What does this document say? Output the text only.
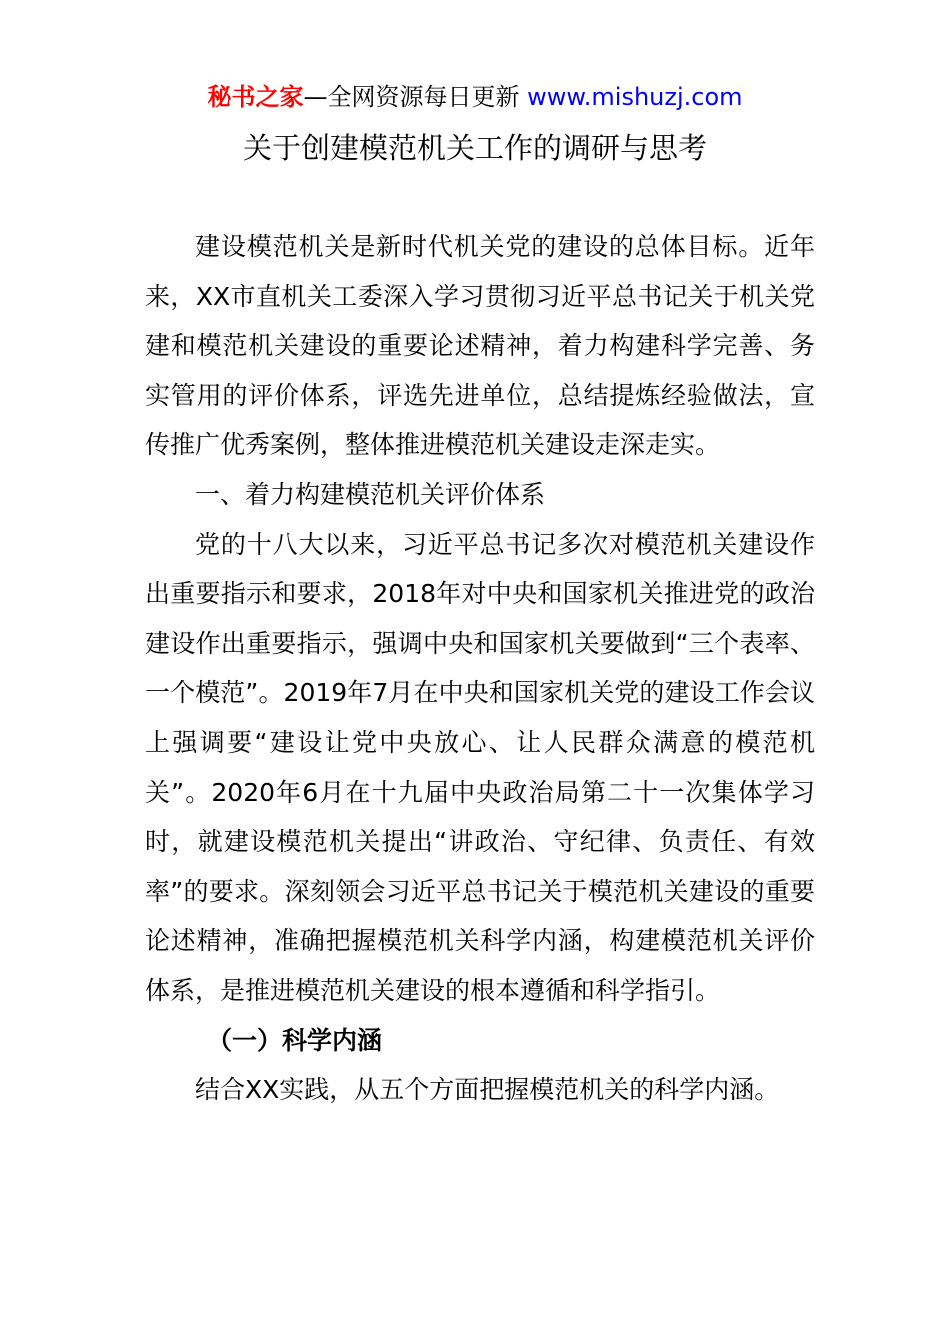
秘书之家—全网资源每日更新 www.mishuzj.com
关于创建模范机关工作的调研与思考

建设模范机关是新时代机关党的建设的总体目标。近年来，XX市直机关工委深入学习贯彻习近平总书记关于机关党建和模范机关建设的重要论述精神，着力构建科学完善、务实管用的评价体系，评选先进单位，总结提炼经验做法，宣传推广优秀案例，整体推进模范机关建设走深走实。

一、着力构建模范机关评价体系

党的十八大以来，习近平总书记多次对模范机关建设作出重要指示和要求，2018年对中央和国家机关推进党的政治建设作出重要指示，强调中央和国家机关要做到“三个表率、一个模范”。2019年7月在中央和国家机关党的建设工作会议上强调要“建设让党中央放心、让人民群众满意的模范机关”。2020年6月在十九届中央政治局第二十一次集体学习时，就建设模范机关提出“讲政治、守纪律、负责任、有效率”的要求。深刻领会习近平总书记关于模范机关建设的重要论述精神，准确把握模范机关科学内涵，构建模范机关评价体系，是推进模范机关建设的根本遵循和科学指引。

（一）科学内涵

结合XX实践，从五个方面把握模范机关的科学内涵。
